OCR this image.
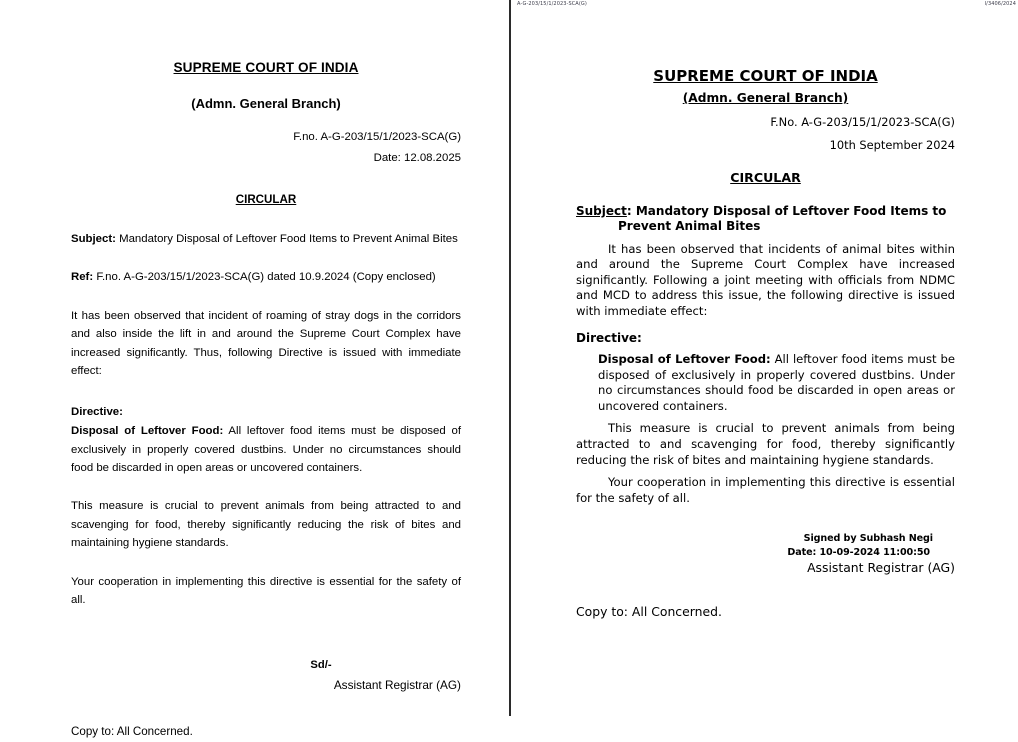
SUPREME COURT OF INDIA
(Admn. General Branch)
F.no. A-G-203/15/1/2023-SCA(G)
Date: 12.08.2025
CIRCULAR
Subject: Mandatory Disposal of Leftover Food Items to Prevent Animal Bites
Ref: F.no. A-G-203/15/1/2023-SCA(G) dated 10.9.2024 (Copy enclosed)
It has been observed that incident of roaming of stray dogs in the corridors and also inside the lift in and around the Supreme Court Complex have increased significantly. Thus, following Directive is issued with immediate effect:
Directive:
Disposal of Leftover Food: All leftover food items must be disposed of exclusively in properly covered dustbins. Under no circumstances should food be discarded in open areas or uncovered containers.
This measure is crucial to prevent animals from being attracted to and scavenging for food, thereby significantly reducing the risk of bites and maintaining hygiene standards.
Your cooperation in implementing this directive is essential for the safety of all.
Sd/-
Assistant Registrar (AG)
Copy to: All Concerned.
A-G-203/15/1/2023-SCA(G)	I/3406/2024
SUPREME COURT OF INDIA
(Admn. General Branch)
F.No. A-G-203/15/1/2023-SCA(G)
10th September 2024
CIRCULAR
Subject: Mandatory Disposal of Leftover Food Items to
Prevent Animal Bites
It has been observed that incidents of animal bites within and around the Supreme Court Complex have increased significantly. Following a joint meeting with officials from NDMC and MCD to address this issue, the following directive is issued with immediate effect:
Directive:
Disposal of Leftover Food: All leftover food items must be disposed of exclusively in properly covered dustbins. Under no circumstances should food be discarded in open areas or uncovered containers.
This measure is crucial to prevent animals from being attracted to and scavenging for food, thereby significantly reducing the risk of bites and maintaining hygiene standards.
Your cooperation in implementing this directive is essential for the safety of all.
Signed by Subhash Negi
Date: 10-09-2024 11:00:50
Assistant Registrar (AG)
Copy to: All Concerned.
